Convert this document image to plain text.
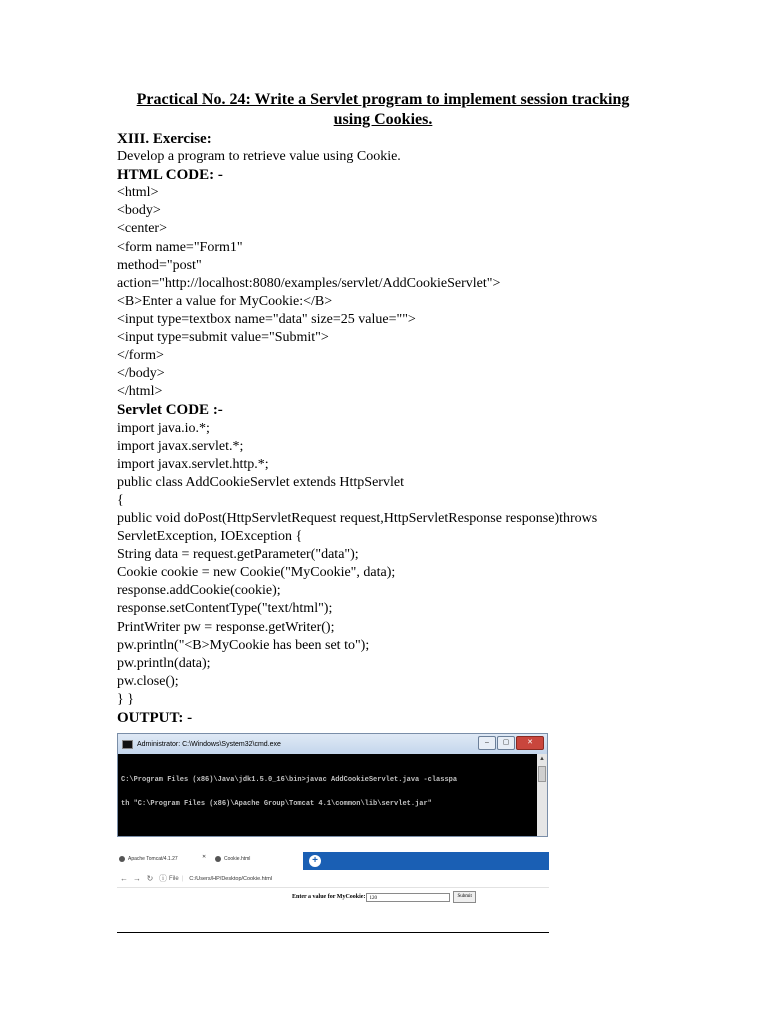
Practical No. 24: Write a Servlet program to implement session tracking
using Cookies.
XIII. Exercise:
Develop a program to retrieve value using Cookie.
HTML CODE: -
<html>
<body>
<center>
<form name="Form1"
method="post"
action="http://localhost:8080/examples/servlet/AddCookieServlet">
<B>Enter a value for MyCookie:</B>
<input type=textbox name="data" size=25 value="">
<input type=submit value="Submit">
</form>
</body>
</html>
Servlet CODE :-
import java.io.*;
import javax.servlet.*;
import javax.servlet.http.*;
public class AddCookieServlet extends HttpServlet
{
public void doPost(HttpServletRequest request,HttpServletResponse response)throws
ServletException, IOException {
String data = request.getParameter("data");
Cookie cookie = new Cookie("MyCookie", data);
response.addCookie(cookie);
response.setContentType("text/html");
PrintWriter pw = response.getWriter();
pw.println("<B>MyCookie has been set to");
pw.println(data);
pw.close();
} }
OUTPUT: -
Administrator: C:\Windows\System32\cmd.exe	–	▢	✕

C:\Program Files (x86)\Java\jdk1.5.0_16\bin>javac AddCookieServlet.java -classpa

th "C:\Program Files (x86)\Apache Group\Tomcat 4.1\common\lib\servlet.jar"

▲
Apache Tomcat/4.1.27	✕	Cookie.html	✕ +
← → ↻ ⓘ File | C:/Users/HP/Desktop/Cookie.html
Enter a value for MyCookie: 120	Submit
